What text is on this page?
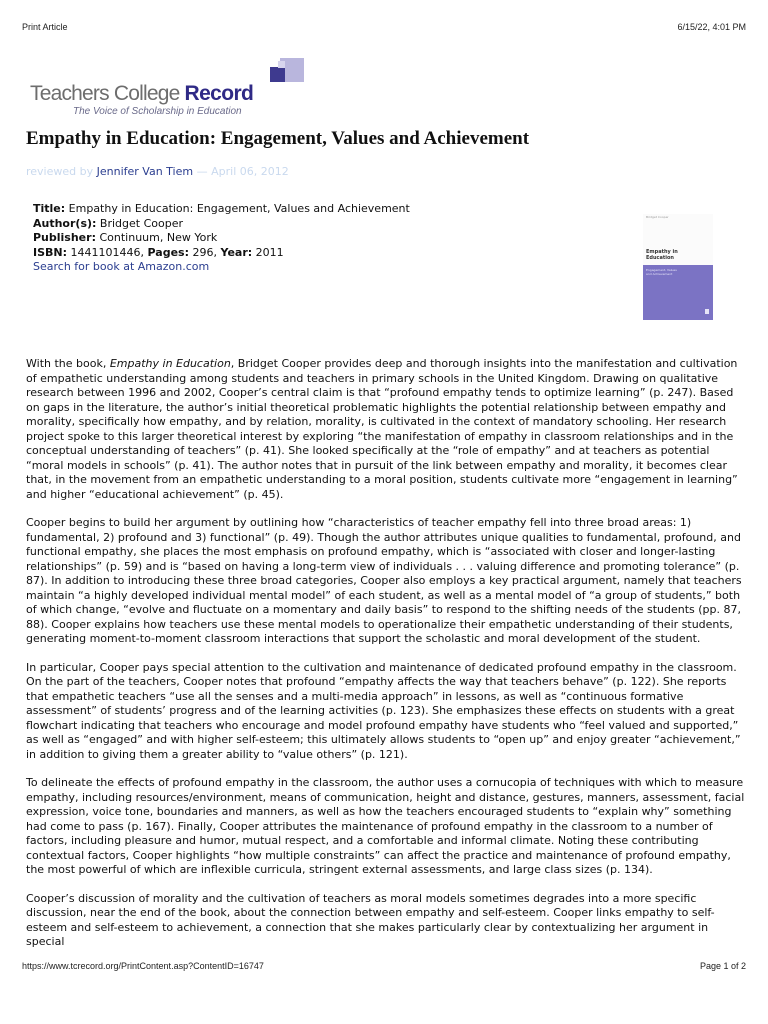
Print Article	6/15/22, 4:01 PM
Teachers College Record
The Voice of Scholarship in Education
Empathy in Education: Engagement, Values and Achievement
reviewed by Jennifer Van Tiem — April 06, 2012
Title: Empathy in Education: Engagement, Values and Achievement
Author(s): Bridget Cooper
Publisher: Continuum, New York
ISBN: 1441101446, Pages: 296, Year: 2011
Search for book at Amazon.com
Bridget Cooper
Empathy in
Education
Engagement, Values
and Achievement

With the book, Empathy in Education, Bridget Cooper provides deep and thorough insights into the manifestation and cultivation of empathetic understanding among students and teachers in primary schools in the United Kingdom. Drawing on qualitative research between 1996 and 2002, Cooper’s central claim is that “profound empathy tends to optimize learning” (p. 247). Based on gaps in the literature, the author’s initial theoretical problematic highlights the potential relationship between empathy and morality, specifically how empathy, and by relation, morality, is cultivated in the context of mandatory schooling. Her research project spoke to this larger theoretical interest by exploring “the manifestation of empathy in classroom relationships and in the conceptual understanding of teachers” (p. 41). She looked specifically at the “role of empathy” and at teachers as potential “moral models in schools” (p. 41). The author notes that in pursuit of the link between empathy and morality, it becomes clear that, in the movement from an empathetic understanding to a moral position, students cultivate more “engagement in learning” and higher “educational achievement” (p. 45).

Cooper begins to build her argument by outlining how “characteristics of teacher empathy fell into three broad areas: 1) fundamental, 2) profound and 3) functional” (p. 49). Though the author attributes unique qualities to fundamental, profound, and functional empathy, she places the most emphasis on profound empathy, which is “associated with closer and longer-lasting relationships” (p. 59) and is “based on having a long-term view of individuals . . . valuing difference and promoting tolerance” (p. 87). In addition to introducing these three broad categories, Cooper also employs a key practical argument, namely that teachers maintain “a highly developed individual mental model” of each student, as well as a mental model of “a group of students,” both of which change, “evolve and fluctuate on a momentary and daily basis” to respond to the shifting needs of the students (pp. 87, 88). Cooper explains how teachers use these mental models to operationalize their empathetic understanding of their students, generating moment-to-moment classroom interactions that support the scholastic and moral development of the student.

In particular, Cooper pays special attention to the cultivation and maintenance of dedicated profound empathy in the classroom. On the part of the teachers, Cooper notes that profound “empathy affects the way that teachers behave” (p. 122). She reports that empathetic teachers “use all the senses and a multi-media approach” in lessons, as well as “continuous formative assessment” of students’ progress and of the learning activities (p. 123). She emphasizes these effects on students with a great flowchart indicating that teachers who encourage and model profound empathy have students who “feel valued and supported,” as well as “engaged” and with higher self-esteem; this ultimately allows students to “open up” and enjoy greater “achievement,” in addition to giving them a greater ability to “value others” (p. 121).

To delineate the effects of profound empathy in the classroom, the author uses a cornucopia of techniques with which to measure empathy, including resources/environment, means of communication, height and distance, gestures, manners, assessment, facial expression, voice tone, boundaries and manners, as well as how the teachers encouraged students to “explain why” something had come to pass (p. 167). Finally, Cooper attributes the maintenance of profound empathy in the classroom to a number of factors, including pleasure and humor, mutual respect, and a comfortable and informal climate. Noting these contributing contextual factors, Cooper highlights “how multiple constraints” can affect the practice and maintenance of profound empathy, the most powerful of which are inflexible curricula, stringent external assessments, and large class sizes (p. 134).

Cooper’s discussion of morality and the cultivation of teachers as moral models sometimes degrades into a more specific discussion, near the end of the book, about the connection between empathy and self-esteem. Cooper links empathy to self-esteem and self-esteem to achievement, a connection that she makes particularly clear by contextualizing her argument in special

https://www.tcrecord.org/PrintContent.asp?ContentID=16747	Page 1 of 2
